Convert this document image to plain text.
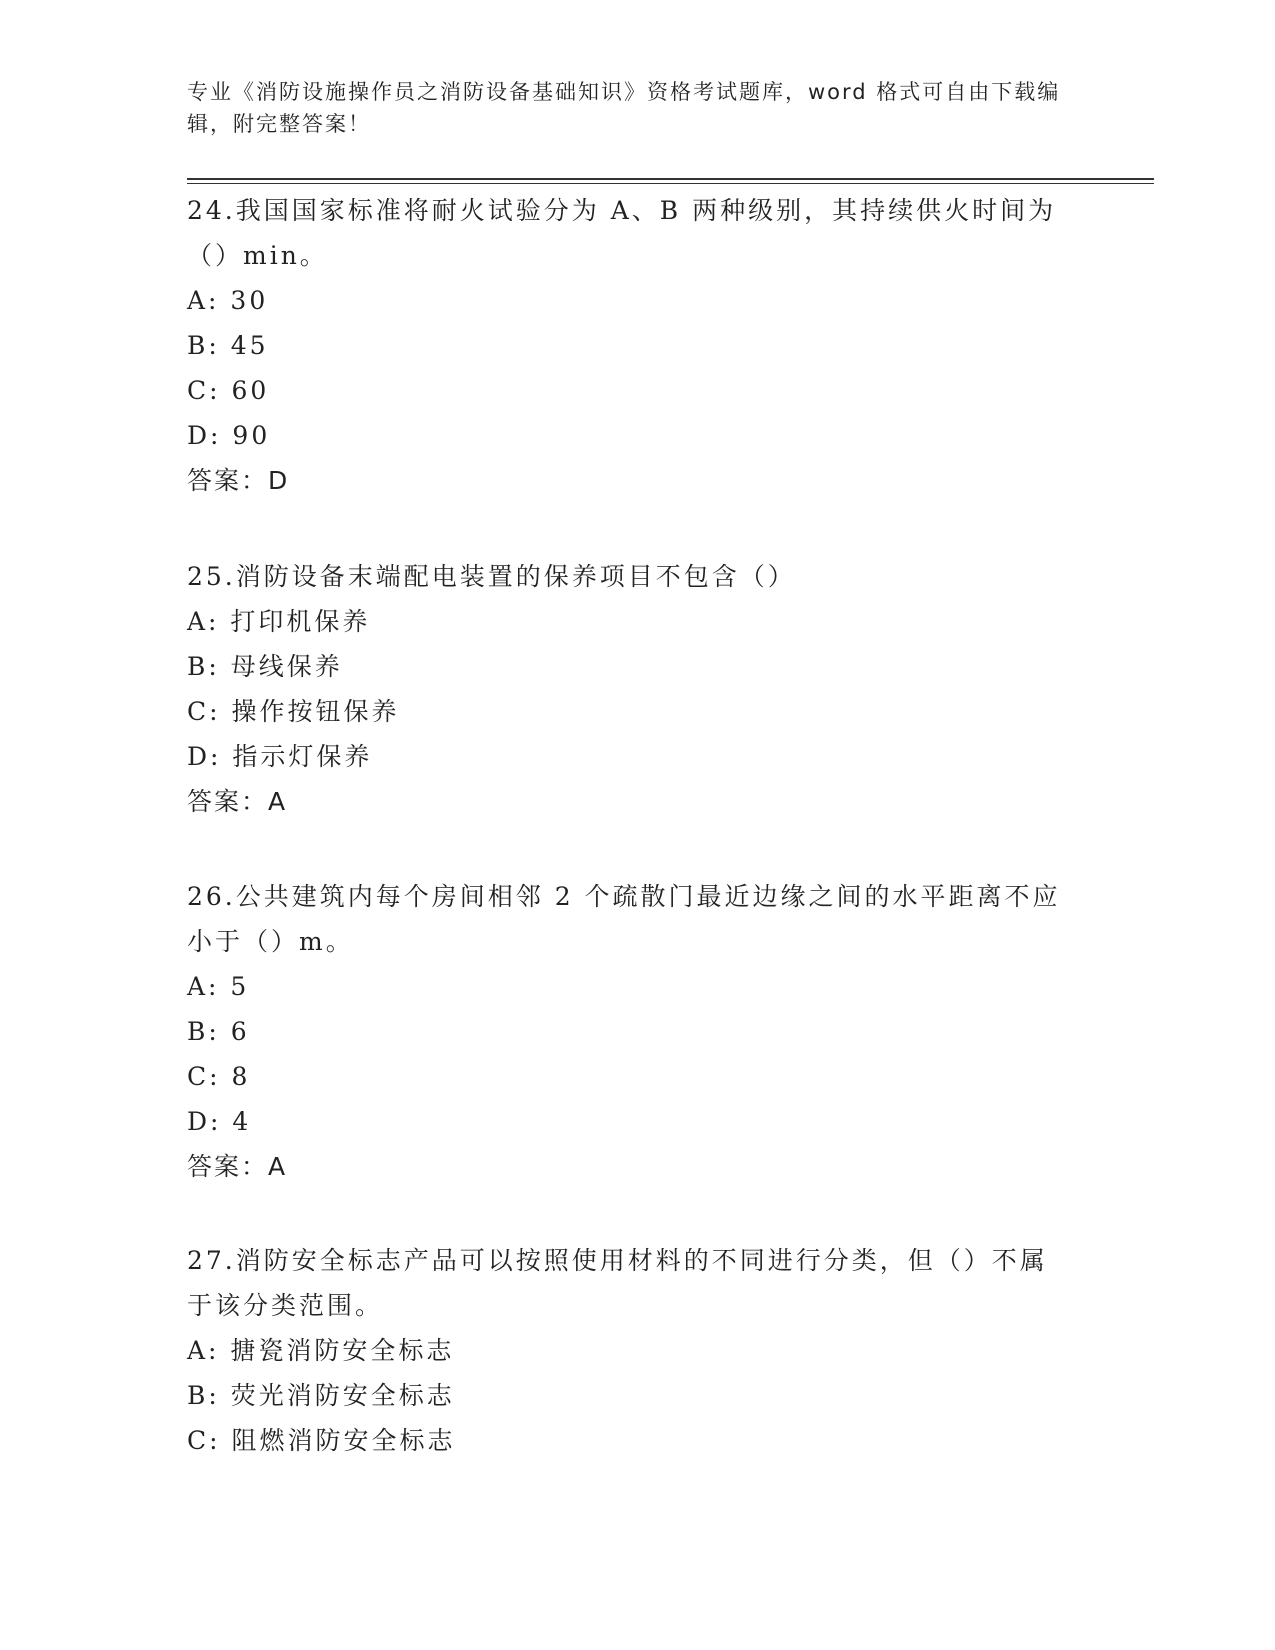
专业《消防设施操作员之消防设备基础知识》资格考试题库，word 格式可自由下载编辑，附完整答案！
24.我国国家标准将耐火试验分为 A、B 两种级别，其持续供火时间为（）min。
A: 30
B: 45
C: 60
D: 90
答案：D
25.消防设备末端配电装置的保养项目不包含（）
A: 打印机保养
B: 母线保养
C: 操作按钮保养
D: 指示灯保养
答案：A
26.公共建筑内每个房间相邻 2 个疏散门最近边缘之间的水平距离不应小于（）m。
A: 5
B: 6
C: 8
D: 4
答案：A
27.消防安全标志产品可以按照使用材料的不同进行分类，但（）不属于该分类范围。
A: 搪瓷消防安全标志
B: 荧光消防安全标志
C: 阻燃消防安全标志
